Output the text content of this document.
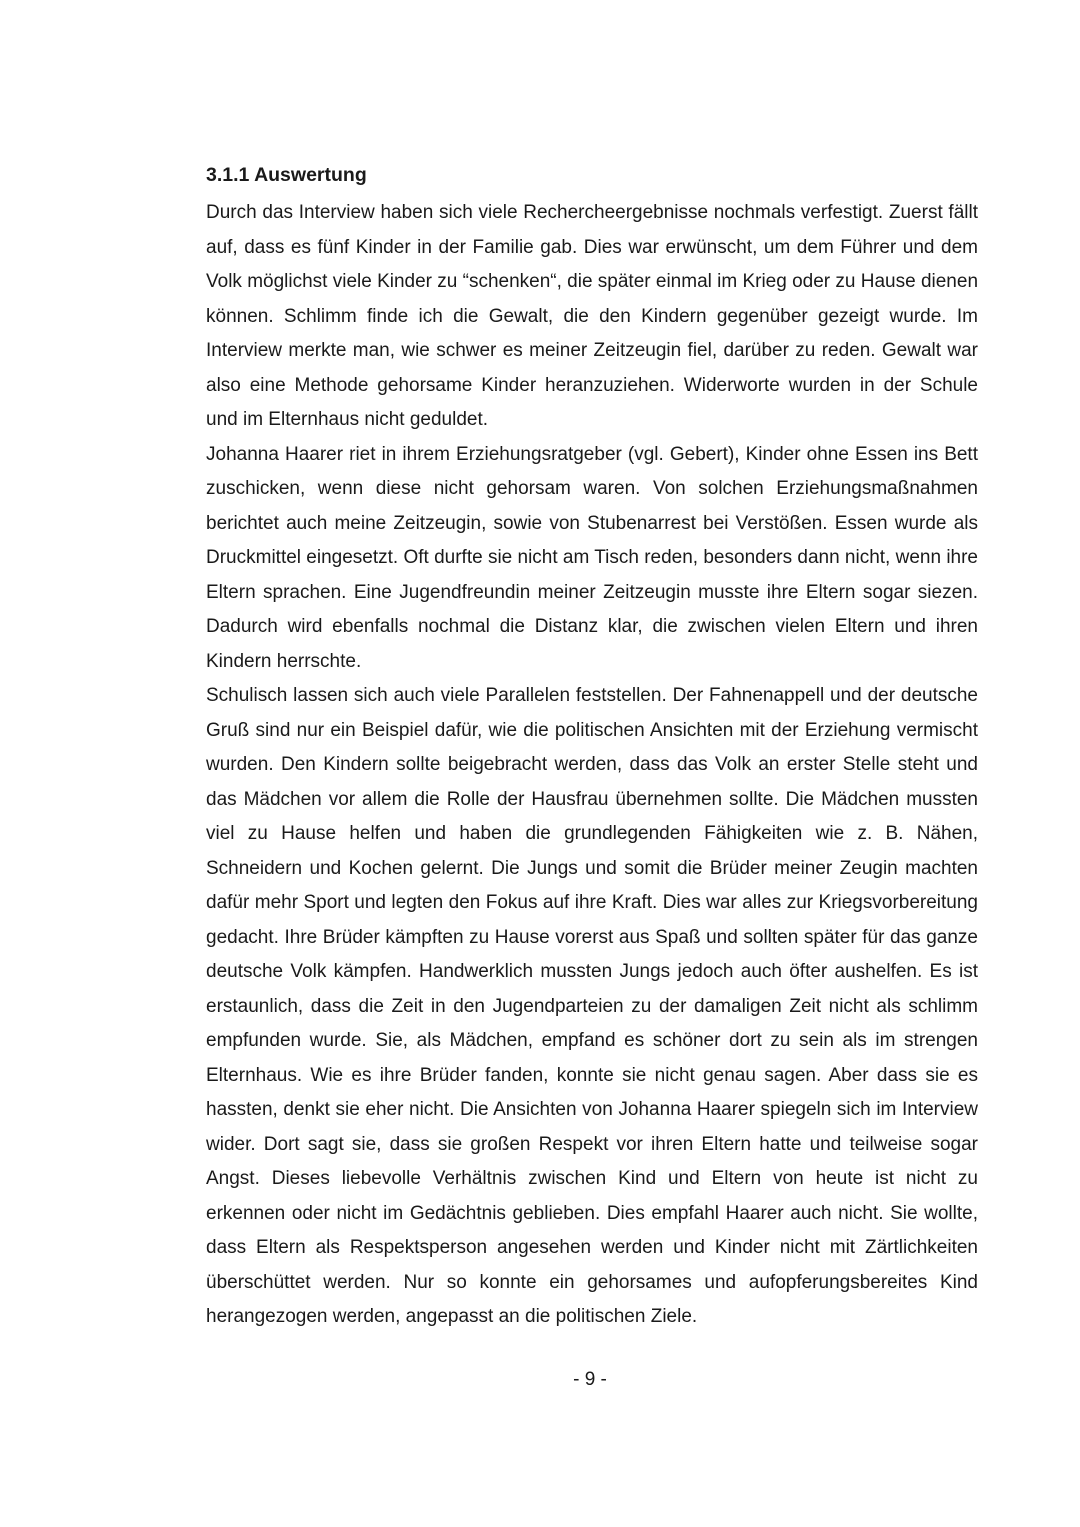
3.1.1 Auswertung

Durch das Interview haben sich viele Rechercheergebnisse nochmals verfestigt. Zuerst fällt auf, dass es fünf Kinder in der Familie gab. Dies war erwünscht, um dem Führer und dem Volk möglichst viele Kinder zu “schenken“, die später einmal im Krieg oder zu Hause dienen können. Schlimm finde ich die Gewalt, die den Kindern gegenüber gezeigt wurde. Im Interview merkte man, wie schwer es meiner Zeitzeugin fiel, darüber zu reden. Gewalt war also eine Methode gehorsame Kinder heranzuziehen. Widerworte wurden in der Schule und im Elternhaus nicht geduldet.

Johanna Haarer riet in ihrem Erziehungsratgeber (vgl. Gebert), Kinder ohne Essen ins Bett zuschicken, wenn diese nicht gehorsam waren. Von solchen Erziehungsmaßnahmen berichtet auch meine Zeitzeugin, sowie von Stubenarrest bei Verstößen. Essen wurde als Druckmittel eingesetzt. Oft durfte sie nicht am Tisch reden, besonders dann nicht, wenn ihre Eltern sprachen. Eine Jugendfreundin meiner Zeitzeugin musste ihre Eltern sogar siezen. Dadurch wird ebenfalls nochmal die Distanz klar, die zwischen vielen Eltern und ihren Kindern herrschte.

Schulisch lassen sich auch viele Parallelen feststellen. Der Fahnenappell und der deutsche Gruß sind nur ein Beispiel dafür, wie die politischen Ansichten mit der Erziehung vermischt wurden. Den Kindern sollte beigebracht werden, dass das Volk an erster Stelle steht und das Mädchen vor allem die Rolle der Hausfrau übernehmen sollte. Die Mädchen mussten viel zu Hause helfen und haben die grundlegenden Fähigkeiten wie z. B. Nähen, Schneidern und Kochen gelernt. Die Jungs und somit die Brüder meiner Zeugin machten dafür mehr Sport und legten den Fokus auf ihre Kraft. Dies war alles zur Kriegsvorbereitung gedacht. Ihre Brüder kämpften zu Hause vorerst aus Spaß und sollten später für das ganze deutsche Volk kämpfen. Handwerklich mussten Jungs jedoch auch öfter aushelfen. Es ist erstaunlich, dass die Zeit in den Jugendparteien zu der damaligen Zeit nicht als schlimm empfunden wurde. Sie, als Mädchen, empfand es schöner dort zu sein als im strengen Elternhaus. Wie es ihre Brüder fanden, konnte sie nicht genau sagen. Aber dass sie es hassten, denkt sie eher nicht. Die Ansichten von Johanna Haarer spiegeln sich im Interview wider. Dort sagt sie, dass sie großen Respekt vor ihren Eltern hatte und teilweise sogar Angst. Dieses liebevolle Verhältnis zwischen Kind und Eltern von heute ist nicht zu erkennen oder nicht im Gedächtnis geblieben. Dies empfahl Haarer auch nicht. Sie wollte, dass Eltern als Respektsperson angesehen werden und Kinder nicht mit Zärtlichkeiten überschüttet werden. Nur so konnte ein gehorsames und aufopferungsbereites Kind herangezogen werden, angepasst an die politischen Ziele.

- 9 -
